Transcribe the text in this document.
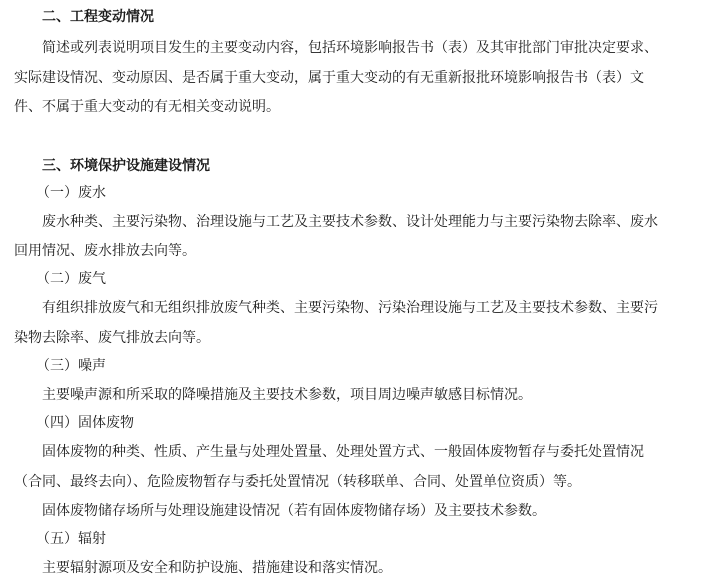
二、工程变动情况
简述或列表说明项目发生的主要变动内容，包括环境影响报告书（表）及其审批部门审批决定要求、
实际建设情况、变动原因、是否属于重大变动，属于重大变动的有无重新报批环境影响报告书（表）文
件、不属于重大变动的有无相关变动说明。
三、环境保护设施建设情况
（一）废水
废水种类、主要污染物、治理设施与工艺及主要技术参数、设计处理能力与主要污染物去除率、废水
回用情况、废水排放去向等。
（二）废气
有组织排放废气和无组织排放废气种类、主要污染物、污染治理设施与工艺及主要技术参数、主要污
染物去除率、废气排放去向等。
（三）噪声
主要噪声源和所采取的降噪措施及主要技术参数，项目周边噪声敏感目标情况。
（四）固体废物
固体废物的种类、性质、产生量与处理处置量、处理处置方式、一般固体废物暂存与委托处置情况
（合同、最终去向）、危险废物暂存与委托处置情况（转移联单、合同、处置单位资质）等。
固体废物储存场所与处理设施建设情况（若有固体废物储存场）及主要技术参数。
（五）辐射
主要辐射源项及安全和防护设施、措施建设和落实情况。
